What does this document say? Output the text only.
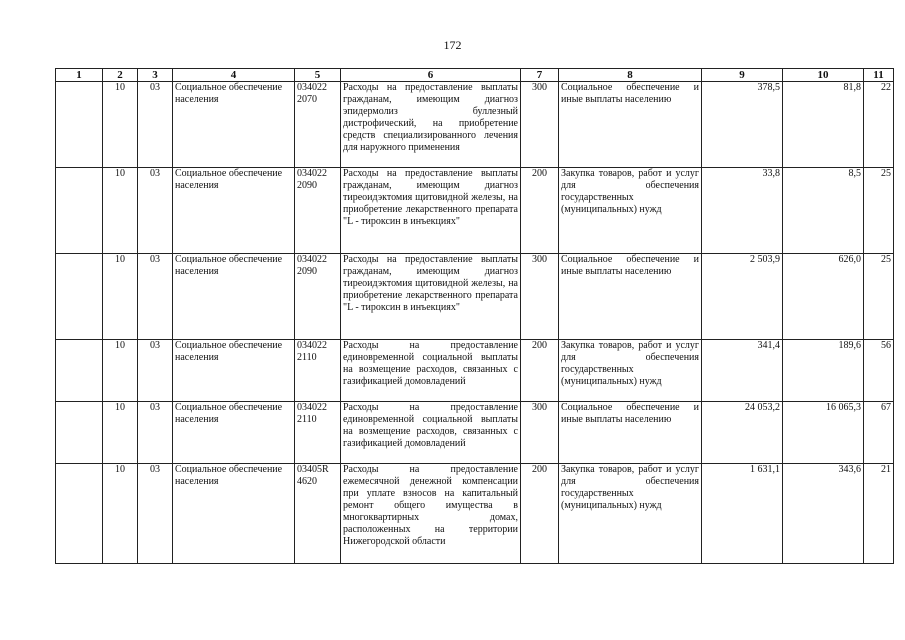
172
1	2	3	4	5	6	7	8	9	10	11
	10	03	Социальное обеспечение населения	034022 2070	Расходы на предоставление выплаты гражданам, имеющим диагноз эпидермолиз буллезный дистрофический, на приобретение средств специализированного лечения для наружного применения	300	Социальное обеспечение и иные выплаты населению	378,5	81,8	22
	10	03	Социальное обеспечение населения	034022 2090	Расходы на предоставление выплаты гражданам, имеющим диагноз тиреоидэктомия щитовидной железы, на приобретение лекарственного препарата "L - тироксин в инъекциях"	200	Закупка товаров, работ и услуг для обеспечения государственных (муниципальных) нужд	33,8	8,5	25
	10	03	Социальное обеспечение населения	034022 2090	Расходы на предоставление выплаты гражданам, имеющим диагноз тиреоидэктомия щитовидной железы, на приобретение лекарственного препарата "L - тироксин в инъекциях"	300	Социальное обеспечение и иные выплаты населению	2 503,9	626,0	25
	10	03	Социальное обеспечение населения	034022 2110	Расходы на предоставление единовременной социальной выплаты на возмещение расходов, связанных с газификацией домовладений	200	Закупка товаров, работ и услуг для обеспечения государственных (муниципальных) нужд	341,4	189,6	56
	10	03	Социальное обеспечение населения	034022 2110	Расходы на предоставление единовременной социальной выплаты на возмещение расходов, связанных с газификацией домовладений	300	Социальное обеспечение и иные выплаты населению	24 053,2	16 065,3	67
	10	03	Социальное обеспечение населения	03405R 4620	Расходы на предоставление ежемесячной денежной компенсации при уплате взносов на капитальный ремонт общего имущества в многоквартирных домах, расположенных на территории Нижегородской области	200	Закупка товаров, работ и услуг для обеспечения государственных (муниципальных) нужд	1 631,1	343,6	21
